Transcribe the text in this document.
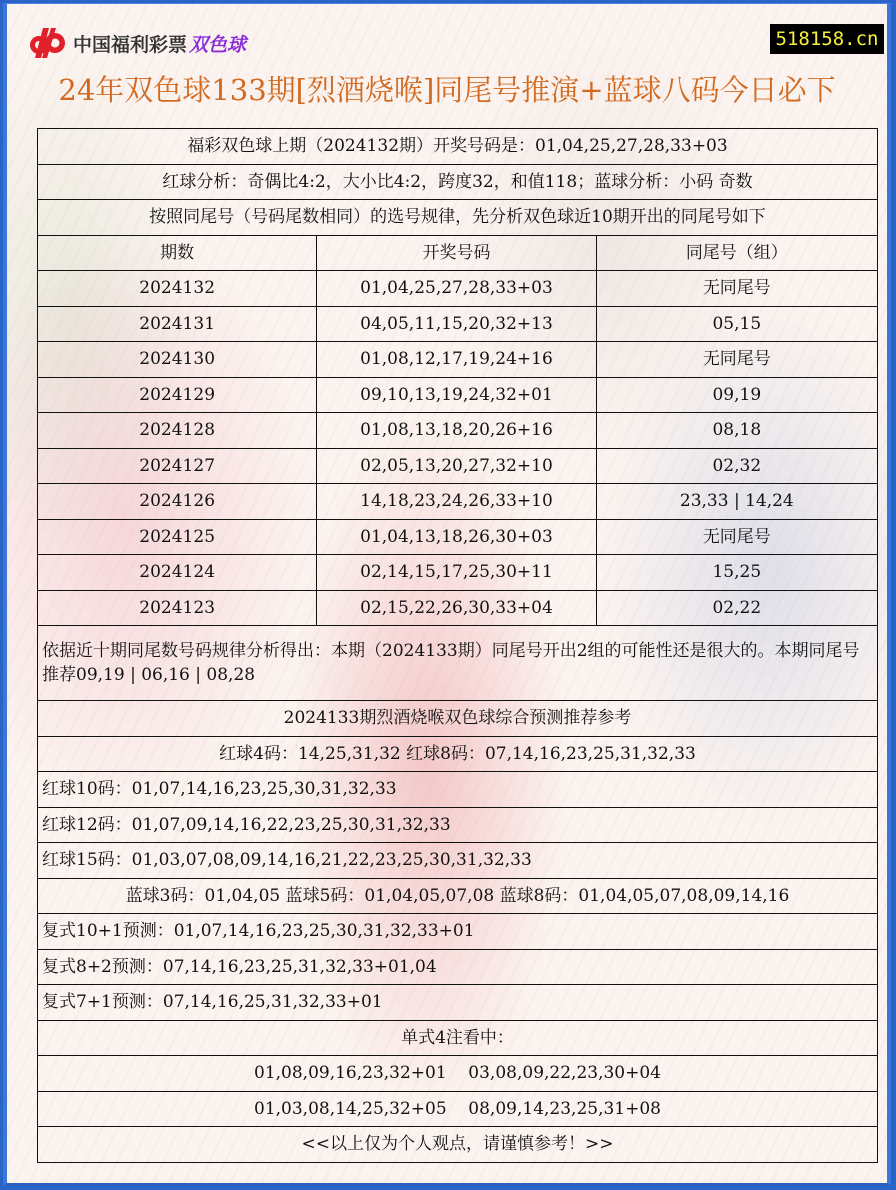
中国福利彩票 双色球	518158.cn
24年双色球133期[烈酒烧喉]同尾号推演+蓝球八码今日必下
福彩双色球上期（2024132期）开奖号码是：01,04,25,27,28,33+03		
红球分析：奇偶比4:2，大小比4:2，跨度32，和值118；蓝球分析：小码 奇数		
按照同尾号（号码尾数相同）的选号规律，先分析双色球近10期开出的同尾号如下		
期数	开奖号码	同尾号（组）
2024132	01,04,25,27,28,33+03	无同尾号
2024131	04,05,11,15,20,32+13	05,15
2024130	01,08,12,17,19,24+16	无同尾号
2024129	09,10,13,19,24,32+01	09,19
2024128	01,08,13,18,20,26+16	08,18
2024127	02,05,13,20,27,32+10	02,32
2024126	14,18,23,24,26,33+10	23,33 | 14,24
2024125	01,04,13,18,26,30+03	无同尾号
2024124	02,14,15,17,25,30+11	15,25
2024123	02,15,22,26,30,33+04	02,22
依据近十期同尾数号码规律分析得出：本期（2024133期）同尾号开出2组的可能性还是很大的。本期同尾号推荐09,19 | 06,16 | 08,28		
2024133期烈酒烧喉双色球综合预测推荐参考		
红球4码：14,25,31,32 红球8码：07,14,16,23,25,31,32,33		
红球10码：01,07,14,16,23,25,30,31,32,33		
红球12码：01,07,09,14,16,22,23,25,30,31,32,33		
红球15码：01,03,07,08,09,14,16,21,22,23,25,30,31,32,33		
蓝球3码：01,04,05 蓝球5码：01,04,05,07,08 蓝球8码：01,04,05,07,08,09,14,16		
复式10+1预测：01,07,14,16,23,25,30,31,32,33+01		
复式8+2预测：07,14,16,23,25,31,32,33+01,04		
复式7+1预测：07,14,16,25,31,32,33+01		
单式4注看中：		
01,08,09,16,23,32+01    03,08,09,22,23,30+04		
01,03,08,14,25,32+05    08,09,14,23,25,31+08		
<<以上仅为个人观点，请谨慎参考！>>		
